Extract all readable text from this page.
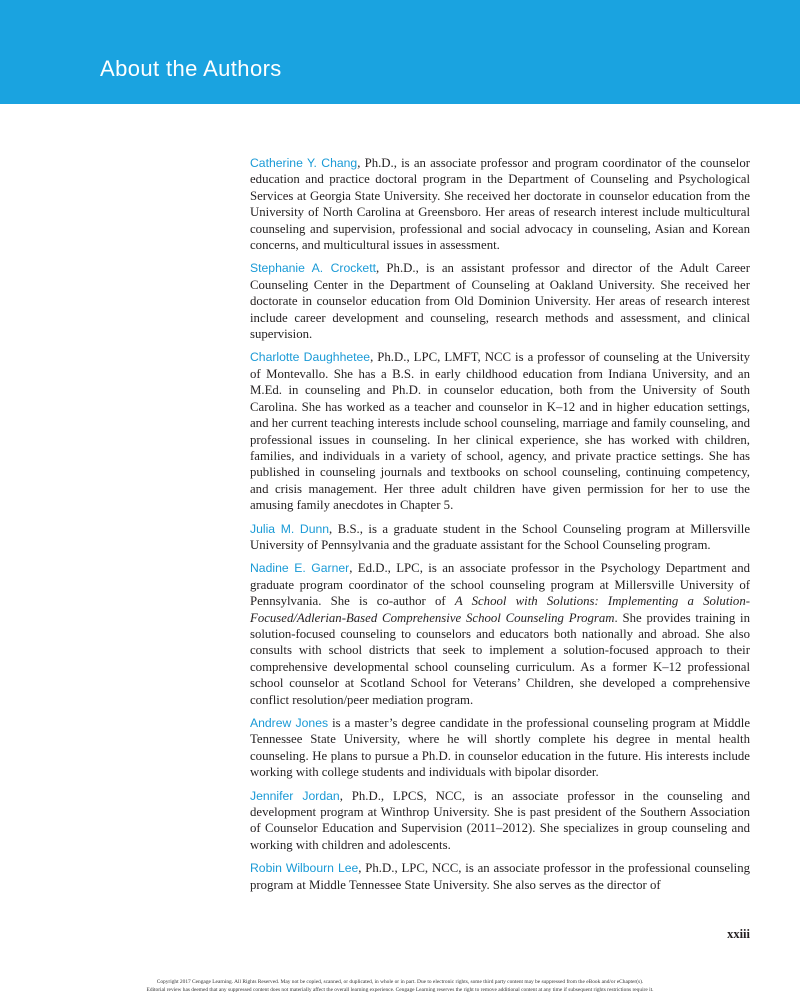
About the Authors

Catherine Y. Chang, Ph.D., is an associate professor and program coordinator of the counselor education and practice doctoral program in the Department of Counseling and Psychological Services at Georgia State University. She received her doctorate in counselor education from the University of North Carolina at Greensboro. Her areas of research interest include multicultural counseling and supervision, professional and social advocacy in counseling, Asian and Korean concerns, and multicultural issues in assessment.

Stephanie A. Crockett, Ph.D., is an assistant professor and director of the Adult Career Counseling Center in the Department of Counseling at Oakland University. She received her doctorate in counselor education from Old Dominion University. Her areas of research interest include career development and counseling, research methods and assessment, and clinical supervision.

Charlotte Daughhetee, Ph.D., LPC, LMFT, NCC is a professor of counseling at the University of Montevallo. She has a B.S. in early childhood education from Indiana University, and an M.Ed. in counseling and Ph.D. in counselor education, both from the University of South Carolina. She has worked as a teacher and counselor in K–12 and in higher education settings, and her current teaching interests include school counseling, marriage and family counseling, and professional issues in counseling. In her clinical experience, she has worked with children, families, and individuals in a variety of school, agency, and private practice settings. She has published in counseling journals and textbooks on school counseling, continuing competency, and crisis management. Her three adult children have given permission for her to use the amusing family anecdotes in Chapter 5.

Julia M. Dunn, B.S., is a graduate student in the School Counseling program at Millersville University of Pennsylvania and the graduate assistant for the School Counseling program.

Nadine E. Garner, Ed.D., LPC, is an associate professor in the Psychology Department and graduate program coordinator of the school counseling program at Millersville University of Pennsylvania. She is co-author of A School with Solutions: Implementing a Solution-Focused/Adlerian-Based Comprehensive School Counseling Program. She provides training in solution-focused counseling to counselors and educators both nationally and abroad. She also consults with school districts that seek to implement a solution-focused approach to their comprehensive developmental school counseling curriculum. As a former K–12 professional school counselor at Scotland School for Veterans’ Children, she developed a comprehensive conflict resolution/peer mediation program.

Andrew Jones is a master’s degree candidate in the professional counseling program at Middle Tennessee State University, where he will shortly complete his degree in mental health counseling. He plans to pursue a Ph.D. in counselor education in the future. His interests include working with college students and individuals with bipolar disorder.

Jennifer Jordan, Ph.D., LPCS, NCC, is an associate professor in the counseling and development program at Winthrop University. She is past president of the Southern Association of Counselor Education and Supervision (2011–2012). She specializes in group counseling and working with children and adolescents.

Robin Wilbourn Lee, Ph.D., LPC, NCC, is an associate professor in the professional counseling program at Middle Tennessee State University. She also serves as the director of

xxiii
Copyright 2017 Cengage Learning. All Rights Reserved. May not be copied, scanned, or duplicated, in whole or in part. Due to electronic rights, some third party content may be suppressed from the eBook and/or eChapter(s).
Editorial review has deemed that any suppressed content does not materially affect the overall learning experience. Cengage Learning reserves the right to remove additional content at any time if subsequent rights restrictions require it.
